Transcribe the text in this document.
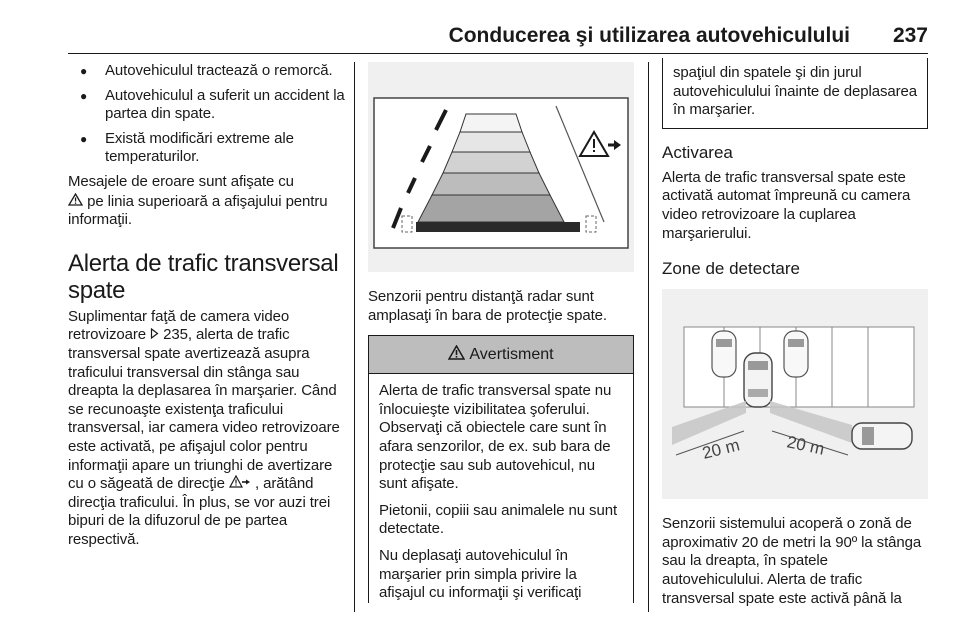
Conducerea şi utilizarea autovehiculului 237
● Autovehiculul tractează o remorcă.
● Autovehiculul a suferit un accident la partea din spate.
● Există modificări extreme ale temperaturilor.

Mesajele de eroare sunt afişate cu
pe linia superioară a afişajului pentru informaţii.

Alerta de trafic transversal spate

Suplimentar faţă de camera video retrovizoare 235, alerta de trafic transversal spate avertizează asupra traficului transversal din stânga sau dreapta la deplasarea în marşarier. Când se recunoaşte existenţa traficului transversal, iar camera video retrovizoare este activată, pe afişajul color pentru informaţii apare un triunghi de avertizare cu o săgeată de direcţie , arătând direcţia traficului. În plus, se vor auzi trei bipuri de la difuzorul de pe partea respectivă.

Senzorii pentru distanţă radar sunt amplasaţi în bara de protecţie spate.

Avertisment

Alerta de trafic transversal spate nu înlocuieşte vizibilitatea şoferului. Observaţi că obiectele care sunt în afara senzorilor, de ex. sub bara de protecţie sau sub autovehicul, nu sunt afişate.

Pietonii, copiii sau animalele nu sunt detectate.

Nu deplasaţi autovehiculul în marşarier prin simpla privire la afişajul cu informaţii şi verificaţi

spaţiul din spatele şi din jurul autovehiculului înainte de deplasarea în marşarier.

Activarea

Alerta de trafic transversal spate este activată automat împreună cu camera video retrovizoare la cuplarea marşarierului.

Zone de detectare
20 m	20 m

Senzorii sistemului acoperă o zonă de aproximativ 20 de metri la 90º la stânga sau la dreapta, în spatele autovehiculului. Alerta de trafic transversal spate este activă până la
